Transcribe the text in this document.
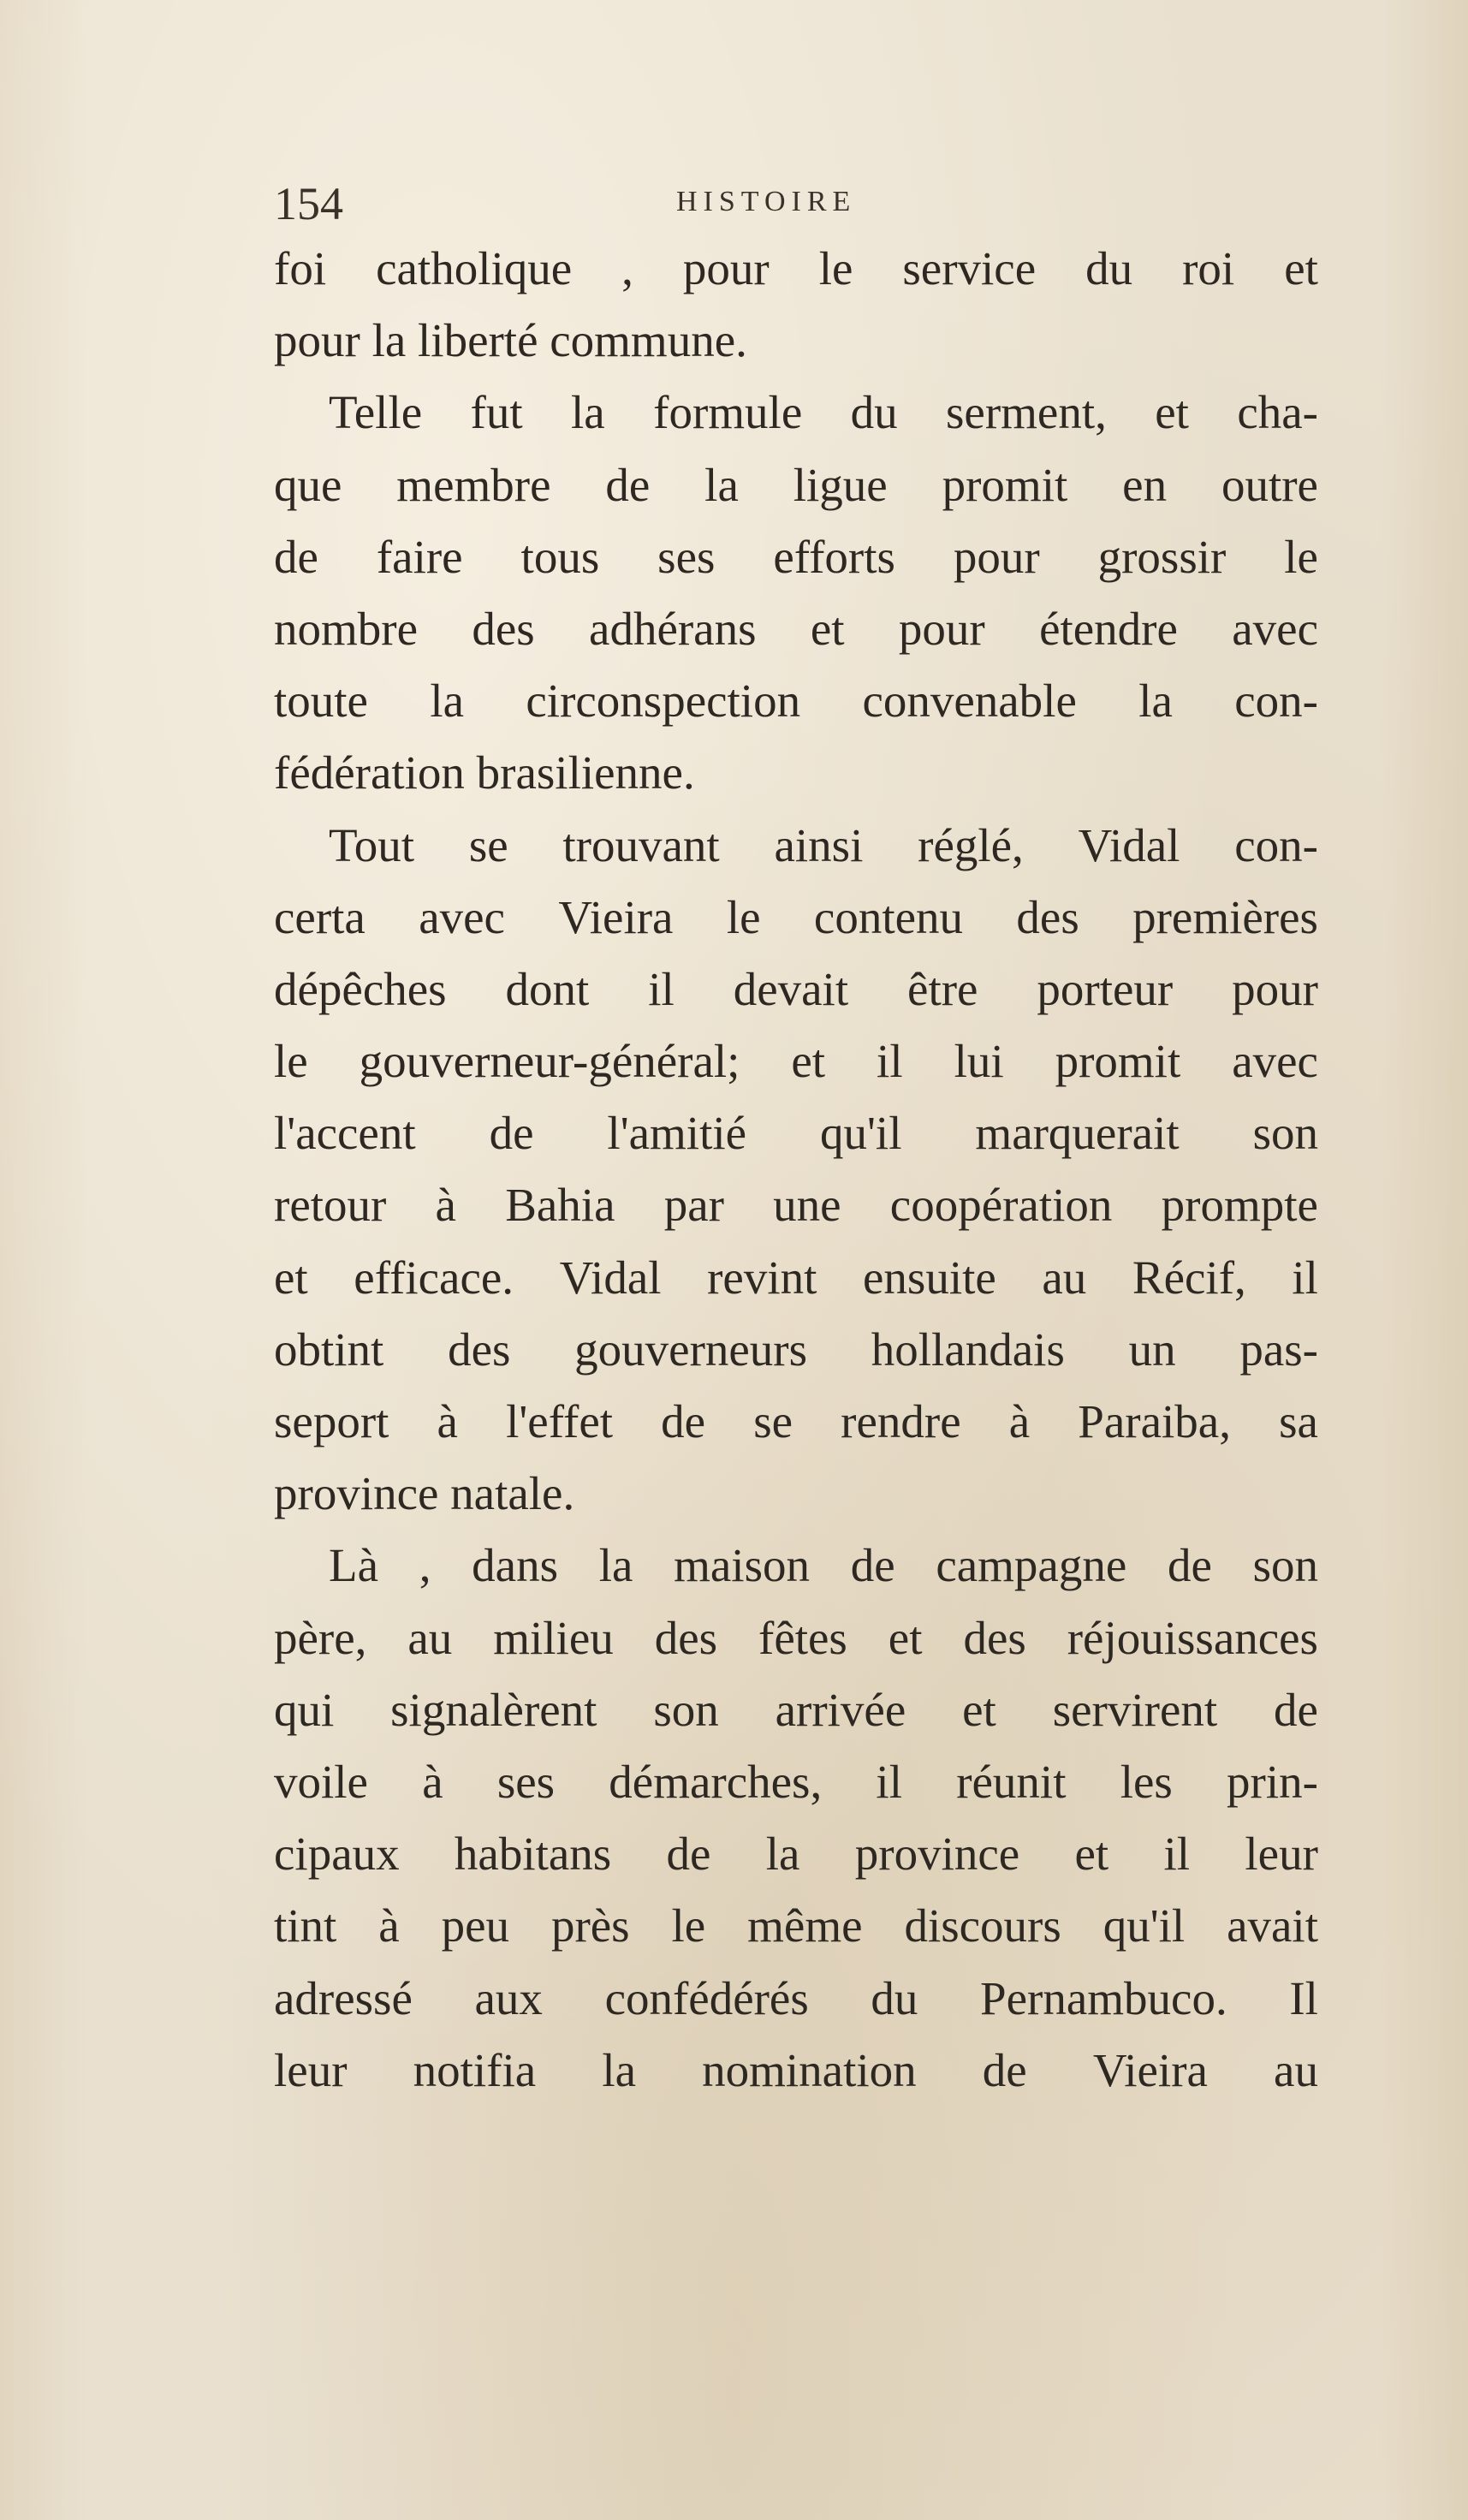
154	HISTOIRE
foi catholique , pour le service du roi et
pour la liberté commune.
Telle fut la formule du serment, et cha-
que membre de la ligue promit en outre
de faire tous ses efforts pour grossir le
nombre des adhérans et pour étendre avec
toute la circonspection convenable la con-
fédération brasilienne.
Tout se trouvant ainsi réglé, Vidal con-
certa avec Vieira le contenu des premières
dépêches dont il devait être porteur pour
le gouverneur-général; et il lui promit avec
l'accent de l'amitié qu'il marquerait son
retour à Bahia par une coopération prompte
et efficace. Vidal revint ensuite au Récif, il
obtint des gouverneurs hollandais un pas-
seport à l'effet de se rendre à Paraiba, sa
province natale.
Là , dans la maison de campagne de son
père, au milieu des fêtes et des réjouissances
qui signalèrent son arrivée et servirent de
voile à ses démarches, il réunit les prin-
cipaux habitans de la province et il leur
tint à peu près le même discours qu'il avait
adressé aux confédérés du Pernambuco. Il
leur notifia la nomination de Vieira au
